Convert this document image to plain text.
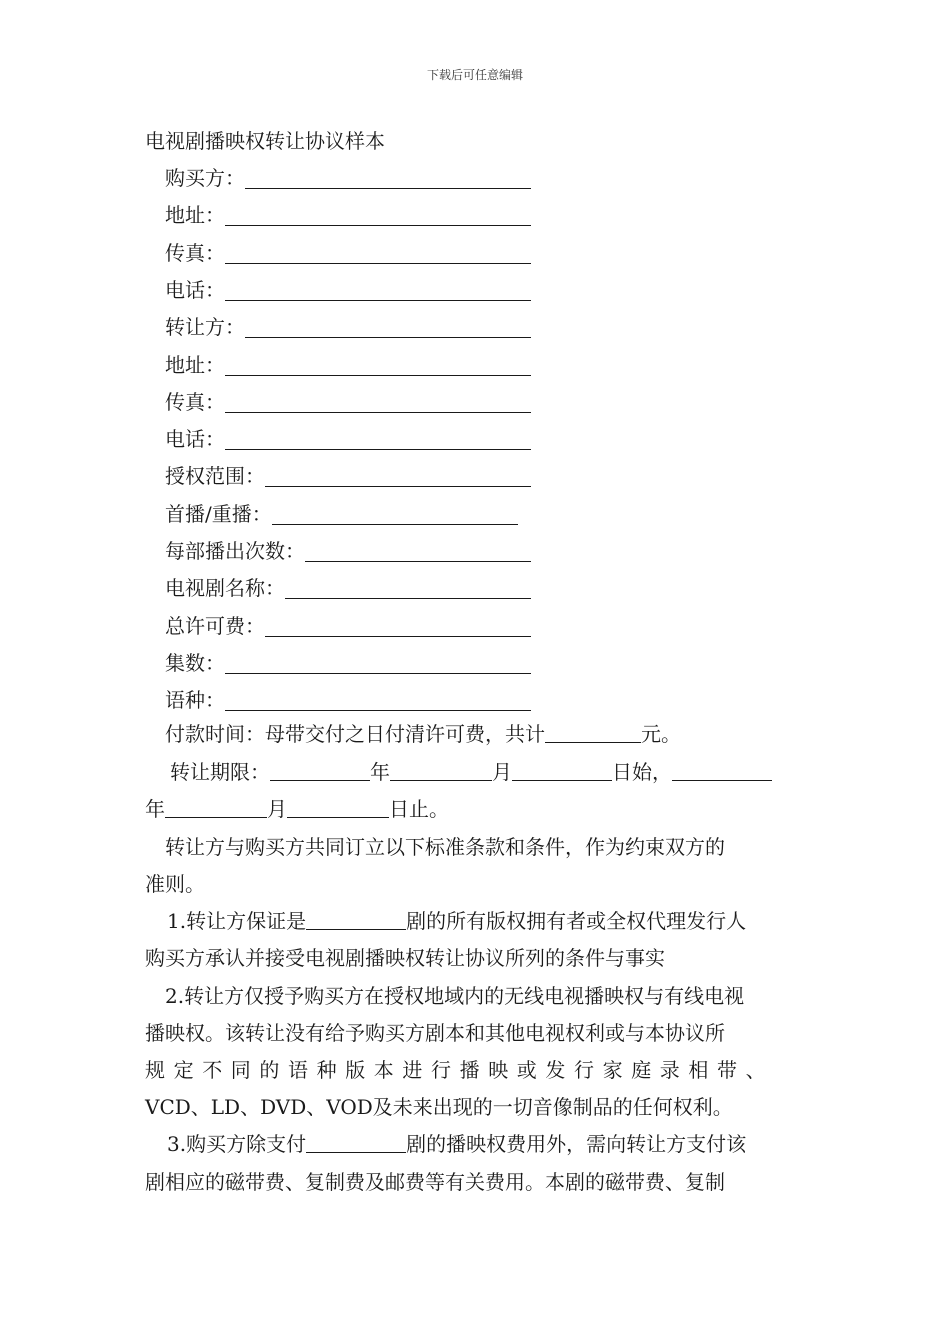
下载后可任意编辑
电视剧播映权转让协议样本
购买方：
地址：
传真：
电话：
转让方：
地址：
传真：
电话：
授权范围：
首播/重播：
每部播出次数：
电视剧名称：
总许可费：
集数：
语种：
付款时间：母带交付之日付清许可费，共计	元。
转让期限：	年	月	日始，
年	月	日止。
转让方与购买方共同订立以下标准条款和条件，作为约束双方的
准则。
1.转让方保证是	剧的所有版权拥有者或全权代理发行人
购买方承认并接受电视剧播映权转让协议所列的条件与事实
2.转让方仅授予购买方在授权地域内的无线电视播映权与有线电视
播映权。该转让没有给予购买方剧本和其他电视权利或与本协议所
规定不同的语种版本进行播映或发行家庭录相带、
VCD、LD、DVD、VOD及未来出现的一切音像制品的任何权利。
3.购买方除支付	剧的播映权费用外，需向转让方支付该
剧相应的磁带费、复制费及邮费等有关费用。本剧的磁带费、复制
